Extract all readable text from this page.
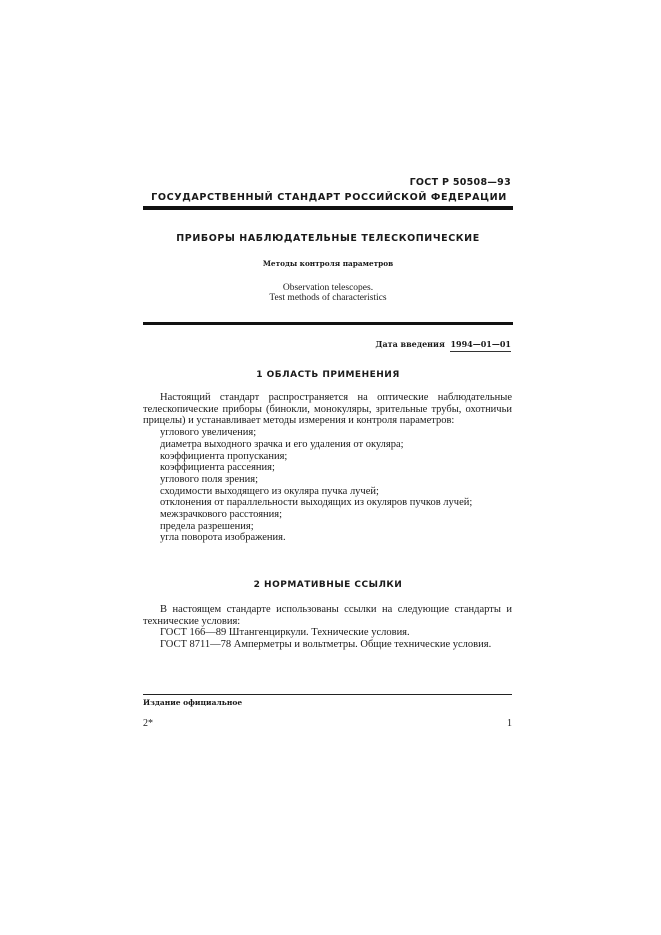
ГОСТ Р 50508—93
ГОСУДАРСТВЕННЫЙ СТАНДАРТ РОССИЙСКОЙ ФЕДЕРАЦИИ
ПРИБОРЫ НАБЛЮДАТЕЛЬНЫЕ ТЕЛЕСКОПИЧЕСКИЕ
Методы контроля параметров
Observation telescopes.
Test methods of characteristics
Дата введения 1994—01—01
1 ОБЛАСТЬ ПРИМЕНЕНИЯ

Настоящий стандарт распространяется на оптические наблюдательные телескопические приборы (бинокли, монокуляры, зрительные трубы, охотничьи прицелы) и устанавливает методы измерения и контроля параметров:

углового увеличения;

диаметра выходного зрачка и его удаления от окуляра;

коэффициента пропускания;

коэффициента рассеяния;

углового поля зрения;

сходимости выходящего из окуляра пучка лучей;

отклонения от параллельности выходящих из окуляров пучков лучей;

межзрачкового расстояния;

предела разрешения;

угла поворота изображения.

2 НОРМАТИВНЫЕ ССЫЛКИ

В настоящем стандарте использованы ссылки на следующие стандарты и технические условия:

ГОСТ 166—89 Штангенциркули. Технические условия.

ГОСТ 8711—78 Амперметры и вольтметры. Общие технические условия.

Издание официальное
2*	1
